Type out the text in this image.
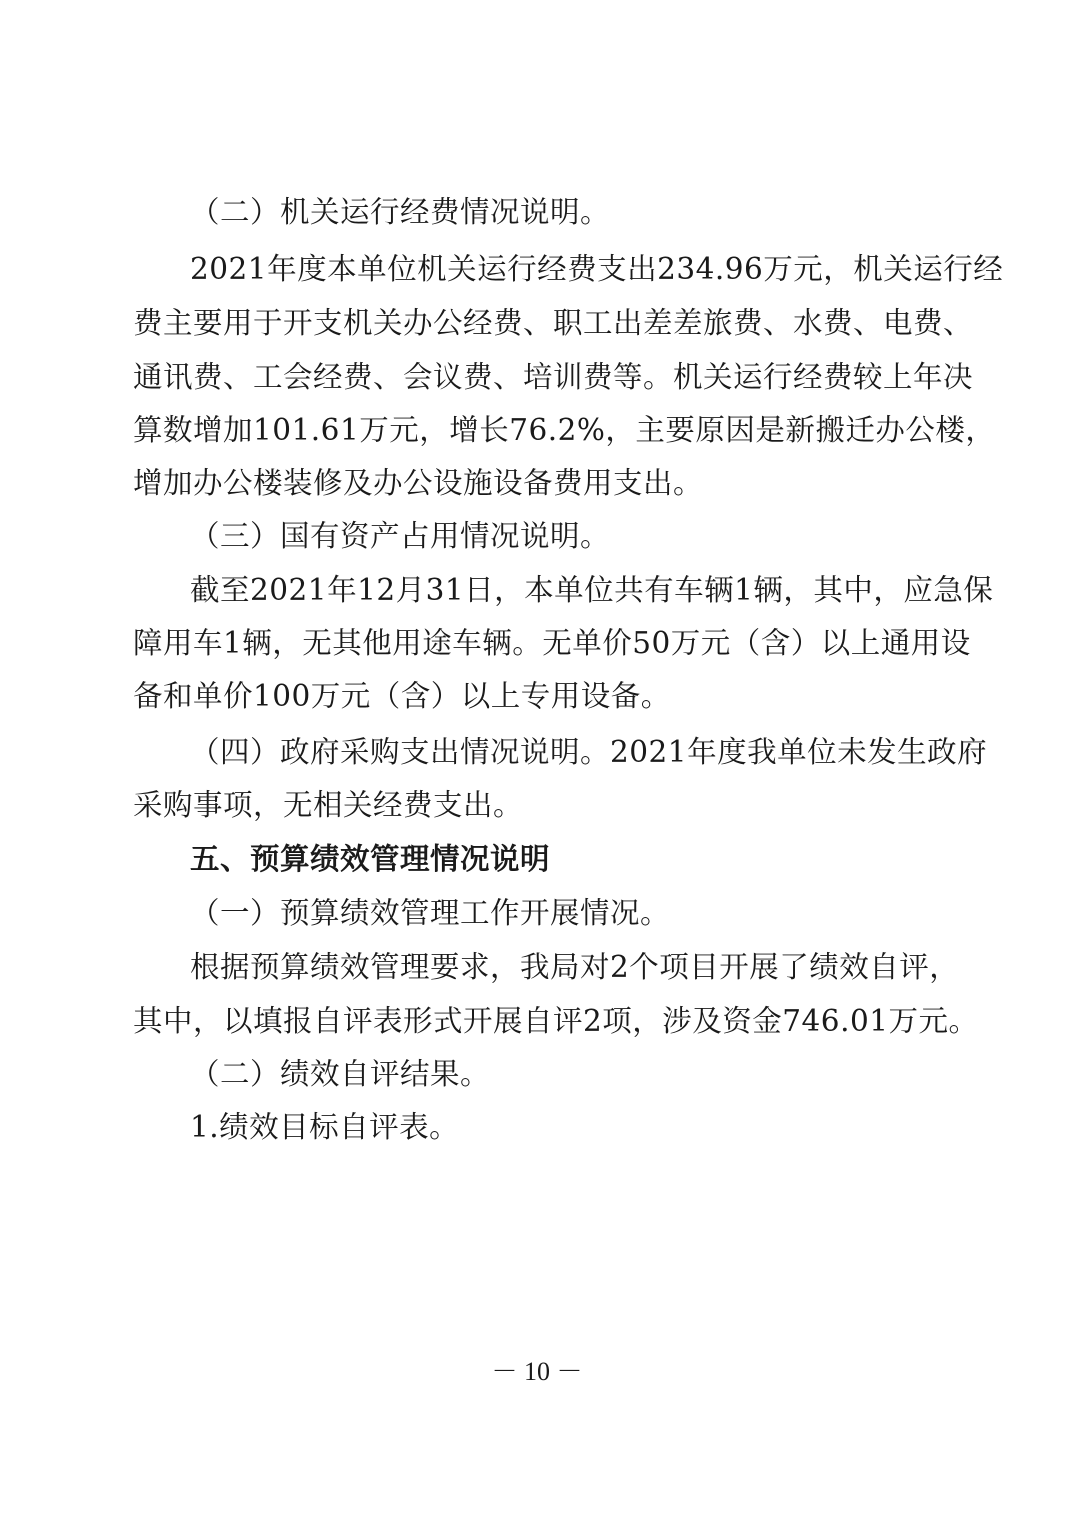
（二）机关运行经费情况说明。
2021年度本单位机关运行经费支出234.96万元，机关运行经
费主要用于开支机关办公经费、职工出差差旅费、水费、电费、
通讯费、工会经费、会议费、培训费等。机关运行经费较上年决
算数增加101.61万元，增长76.2%，主要原因是新搬迁办公楼，
增加办公楼装修及办公设施设备费用支出。
（三）国有资产占用情况说明。
截至2021年12月31日，本单位共有车辆1辆，其中，应急保
障用车1辆，无其他用途车辆。无单价50万元（含）以上通用设
备和单价100万元（含）以上专用设备。
（四）政府采购支出情况说明。2021年度我单位未发生政府
采购事项，无相关经费支出。
五、预算绩效管理情况说明
（一）预算绩效管理工作开展情况。
根据预算绩效管理要求，我局对2个项目开展了绩效自评，
其中，以填报自评表形式开展自评2项，涉及资金746.01万元。
（二）绩效自评结果。
1.绩效目标自评表。
－ 10 －
